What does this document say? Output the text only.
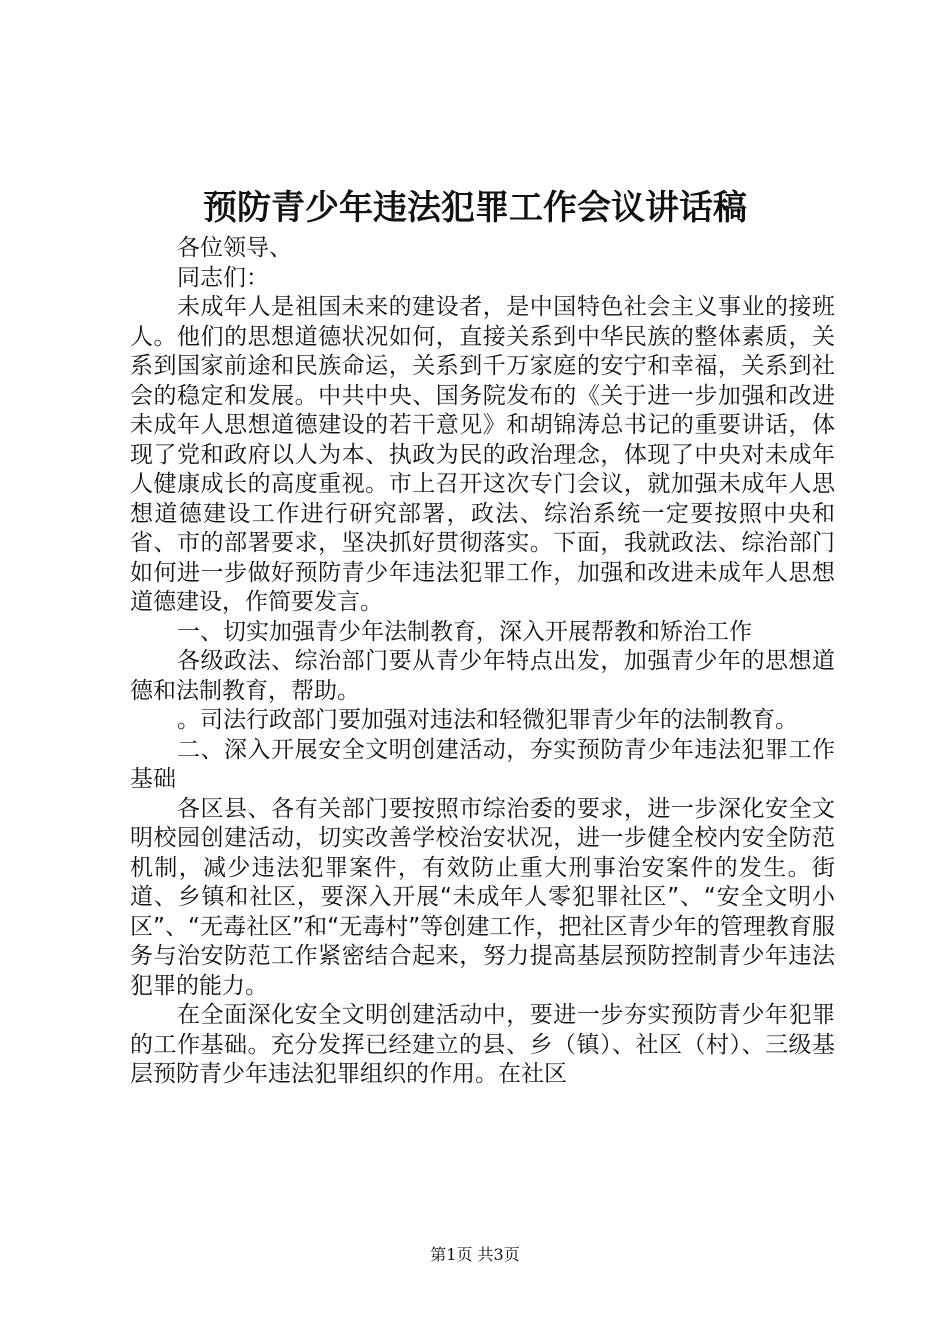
预防青少年违法犯罪工作会议讲话稿

各位领导、

同志们：

未成年人是祖国未来的建设者，是中国特色社会主义事业的接班人。他们的思想道德状况如何，直接关系到中华民族的整体素质，关系到国家前途和民族命运，关系到千万家庭的安宁和幸福，关系到社会的稳定和发展。中共中央、国务院发布的《关于进一步加强和改进未成年人思想道德建设的若干意见》和胡锦涛总书记的重要讲话，体现了党和政府以人为本、执政为民的政治理念，体现了中央对未成年人健康成长的高度重视。市上召开这次专门会议，就加强未成年人思想道德建设工作进行研究部署，政法、综治系统一定要按照中央和省、市的部署要求，坚决抓好贯彻落实。下面，我就政法、综治部门如何进一步做好预防青少年违法犯罪工作，加强和改进未成年人思想道德建设，作简要发言。

一、切实加强青少年法制教育，深入开展帮教和矫治工作

各级政法、综治部门要从青少年特点出发，加强青少年的思想道德和法制教育，帮助。

。司法行政部门要加强对违法和轻微犯罪青少年的法制教育。

二、深入开展安全文明创建活动，夯实预防青少年违法犯罪工作基础

各区县、各有关部门要按照市综治委的要求，进一步深化安全文明校园创建活动，切实改善学校治安状况，进一步健全校内安全防范机制，减少违法犯罪案件，有效防止重大刑事治安案件的发生。街道、乡镇和社区，要深入开展“未成年人零犯罪社区”、“安全文明小区”、“无毒社区”和“无毒村”等创建工作，把社区青少年的管理教育服务与治安防范工作紧密结合起来，努力提高基层预防控制青少年违法犯罪的能力。

在全面深化安全文明创建活动中，要进一步夯实预防青少年犯罪的工作基础。充分发挥已经建立的县、乡（镇）、社区（村）、三级基层预防青少年违法犯罪组织的作用。在社区

第1页 共3页
